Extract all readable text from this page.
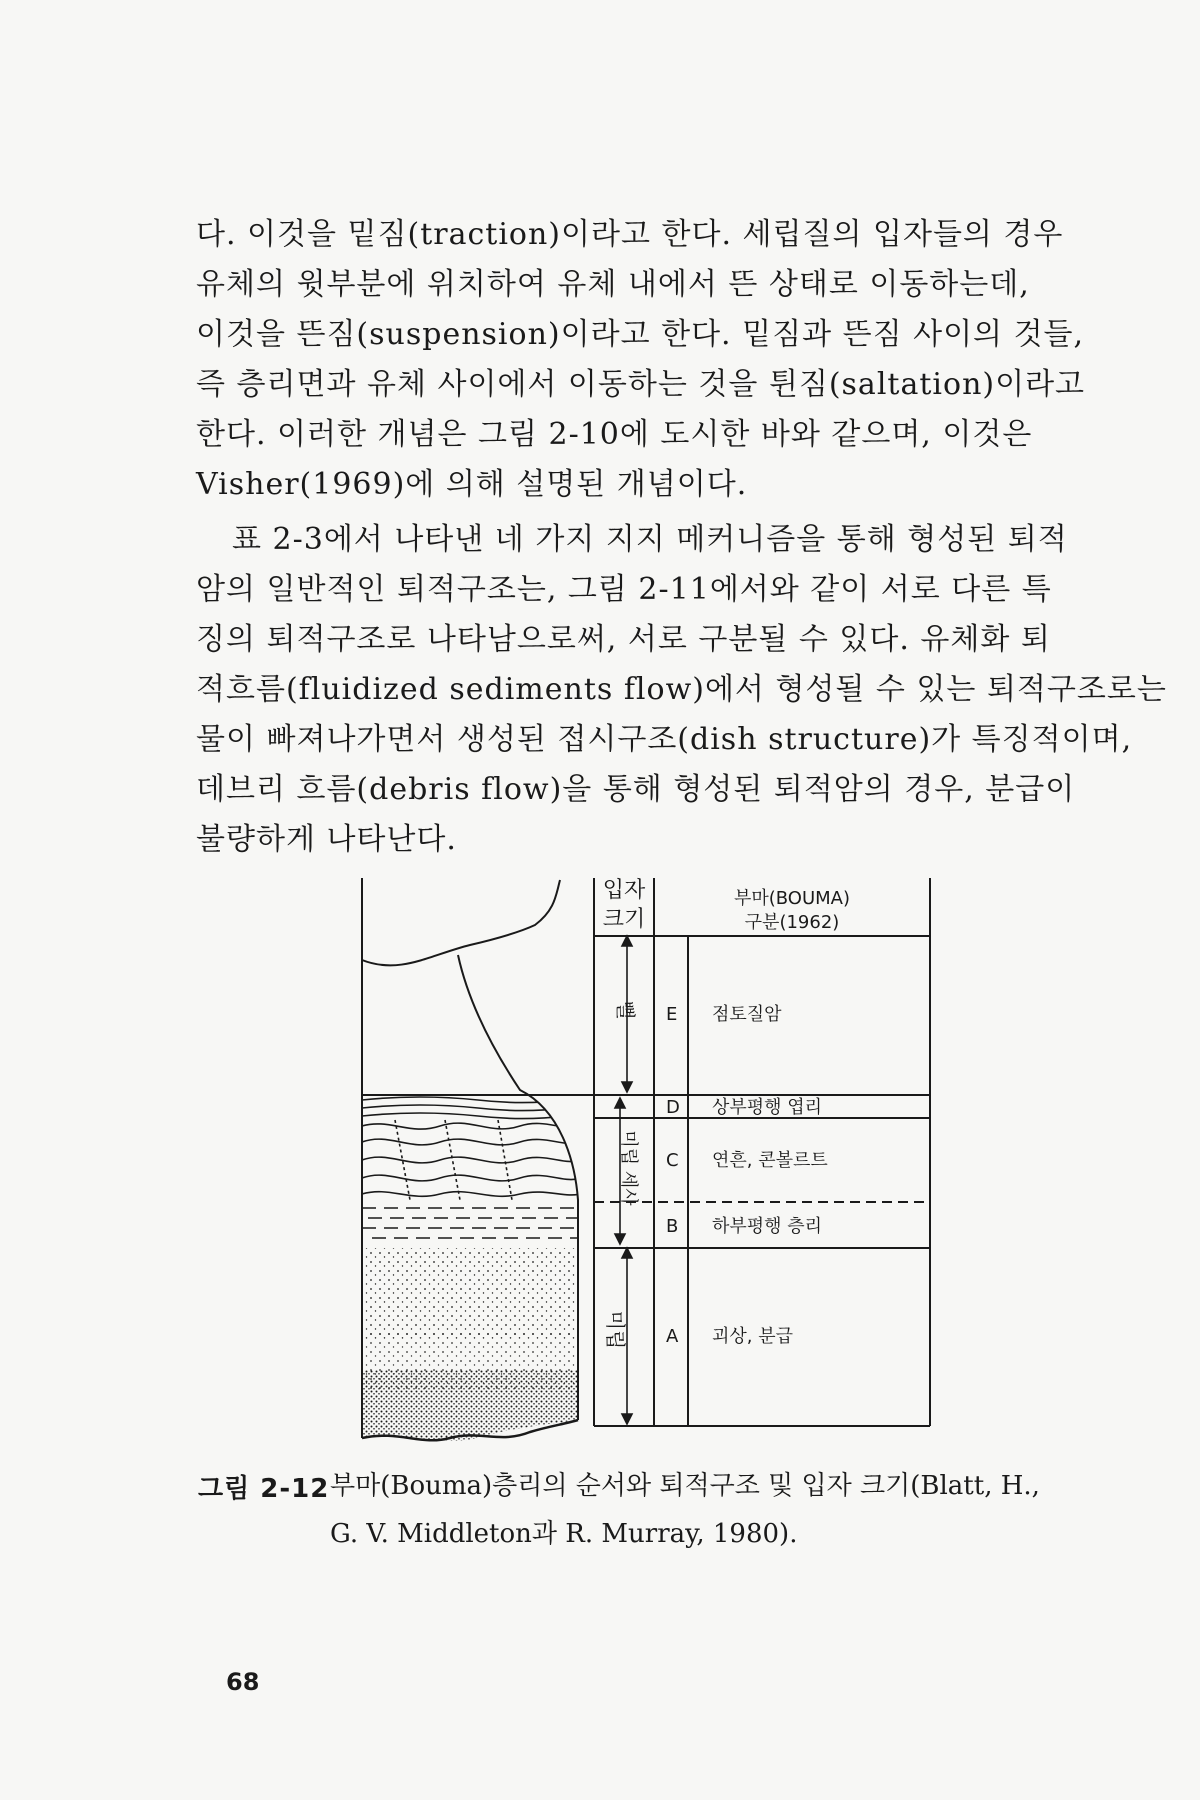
다. 이것을 밑짐(traction)이라고 한다. 세립질의 입자들의 경우
유체의 윗부분에 위치하여 유체 내에서 뜬 상태로 이동하는데,
이것을 뜬짐(suspension)이라고 한다. 밑짐과 뜬짐 사이의 것들,
즉 층리면과 유체 사이에서 이동하는 것을 튄짐(saltation)이라고
한다. 이러한 개념은 그림 2-10에 도시한 바와 같으며, 이것은
Visher(1969)에 의해 설명된 개념이다.
표 2-3에서 나타낸 네 가지 지지 메커니즘을 통해 형성된 퇴적
암의 일반적인 퇴적구조는, 그림 2-11에서와 같이 서로 다른 특
징의 퇴적구조로 나타남으로써, 서로 구분될 수 있다. 유체화 퇴
적흐름(fluidized sediments flow)에서 형성될 수 있는 퇴적구조로는
물이 빠져나가면서 생성된 접시구조(dish structure)가 특징적이며,
데브리 흐름(debris flow)을 통해 형성된 퇴적암의 경우, 분급이
불량하게 나타난다.
입자
크기
부마(BOUMA)
구분(1962)
뻘
미립 세사
미립
E 점토질암
D 상부평행 엽리
C 연흔, 콘볼르트
B 하부평행 층리
A 괴상, 분급
그림 2-12 부마(Bouma)층리의 순서와 퇴적구조 및 입자 크기(Blatt, H.,
G. V. Middleton과 R. Murray, 1980).
68
